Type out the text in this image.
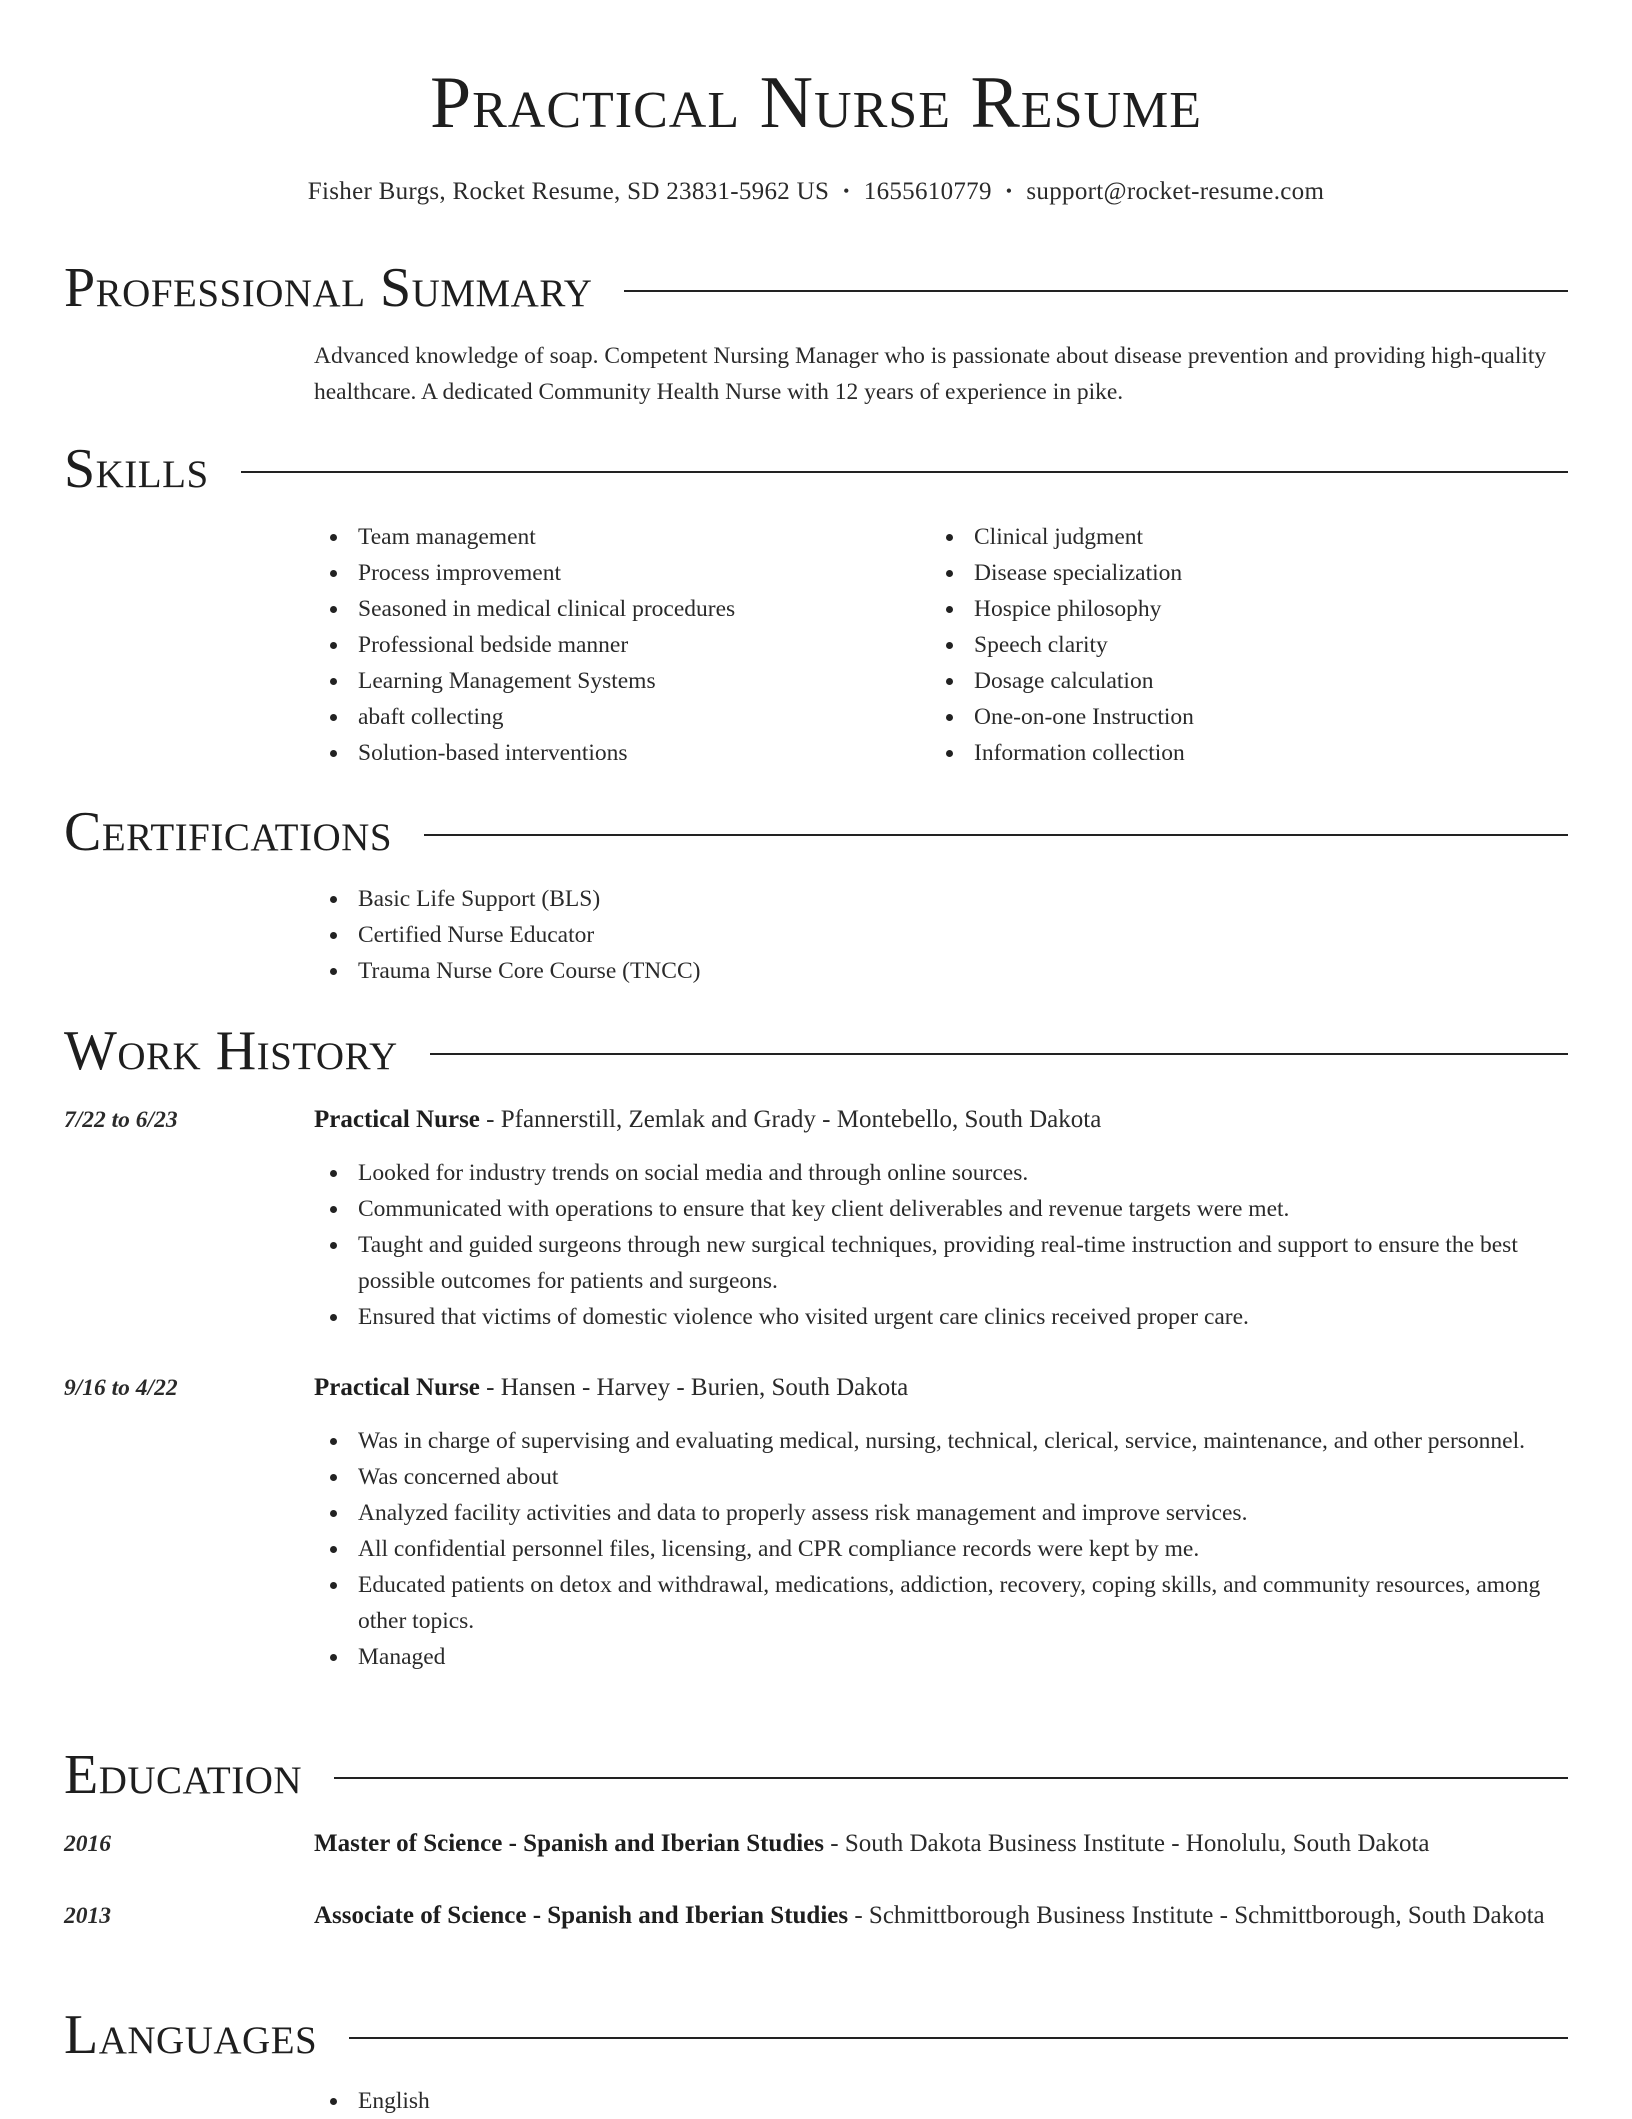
Practical Nurse Resume
Fisher Burgs, Rocket Resume, SD 23831-5962 US • 1655610779 • support@rocket-resume.com
Professional Summary
Advanced knowledge of soap. Competent Nursing Manager who is passionate about disease prevention and providing high-quality healthcare. A dedicated Community Health Nurse with 12 years of experience in pike.
Skills
Team management
Process improvement
Seasoned in medical clinical procedures
Professional bedside manner
Learning Management Systems
abaft collecting
Solution-based interventions
Clinical judgment
Disease specialization
Hospice philosophy
Speech clarity
Dosage calculation
One-on-one Instruction
Information collection
Certifications
Basic Life Support (BLS)
Certified Nurse Educator
Trauma Nurse Core Course (TNCC)
Work History
7/22 to 6/23	Practical Nurse - Pfannerstill, Zemlak and Grady - Montebello, South Dakota
Looked for industry trends on social media and through online sources.
Communicated with operations to ensure that key client deliverables and revenue targets were met.
Taught and guided surgeons through new surgical techniques, providing real-time instruction and support to ensure the best possible outcomes for patients and surgeons.
Ensured that victims of domestic violence who visited urgent care clinics received proper care.
9/16 to 4/22	Practical Nurse - Hansen - Harvey - Burien, South Dakota
Was in charge of supervising and evaluating medical, nursing, technical, clerical, service, maintenance, and other personnel.
Was concerned about
Analyzed facility activities and data to properly assess risk management and improve services.
All confidential personnel files, licensing, and CPR compliance records were kept by me.
Educated patients on detox and withdrawal, medications, addiction, recovery, coping skills, and community resources, among other topics.
Managed
Education
2016	Master of Science - Spanish and Iberian Studies - South Dakota Business Institute - Honolulu, South Dakota
2013	Associate of Science - Spanish and Iberian Studies - Schmittborough Business Institute - Schmittborough, South Dakota
Languages
English
